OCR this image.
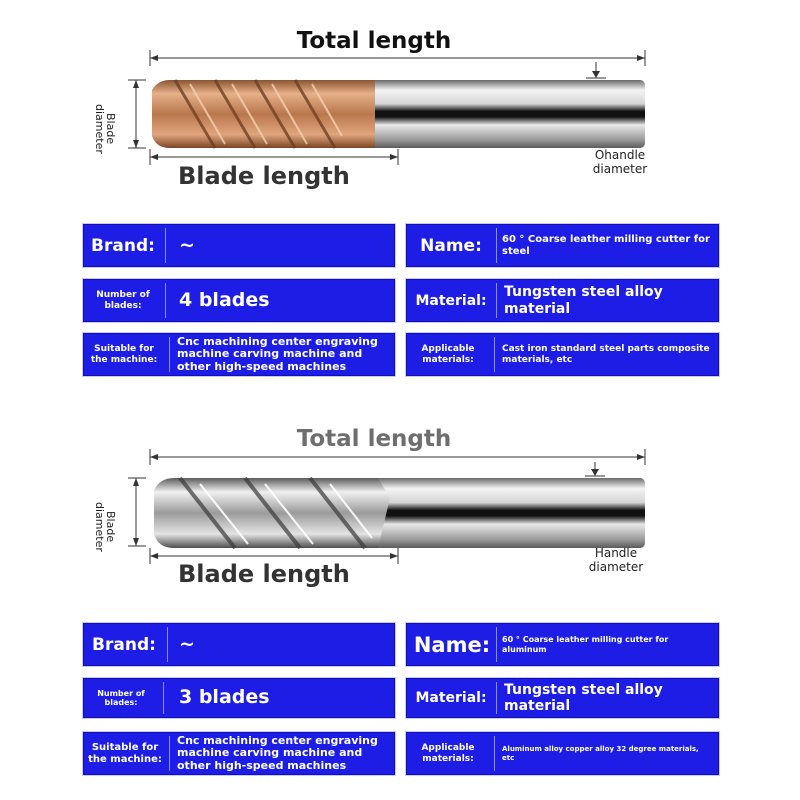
Total length
Blade diameter
Ohandle
diameter
Blade length
Brand:	~	Name:	60 ° Coarse leather milling cutter for steel
Number of blades:	4 blades	Material:
Tungsten steel alloy material
Suitable for the machine:
Cnc machining center engraving machine carving machine and other high-speed machines
Applicable materials:
Cast iron standard steel parts composite materials, etc
Total length
Blade diameter
Handle
diameter
Blade length
Brand:	~	Name:	60 ° Coarse leather milling cutter for aluminum
Number of blades:	3 blades	Material:
Tungsten steel alloy material
Suitable for the machine:
Cnc machining center engraving machine carving machine and other high-speed machines
Applicable materials:
Aluminum alloy copper alloy 32 degree materials, etc
